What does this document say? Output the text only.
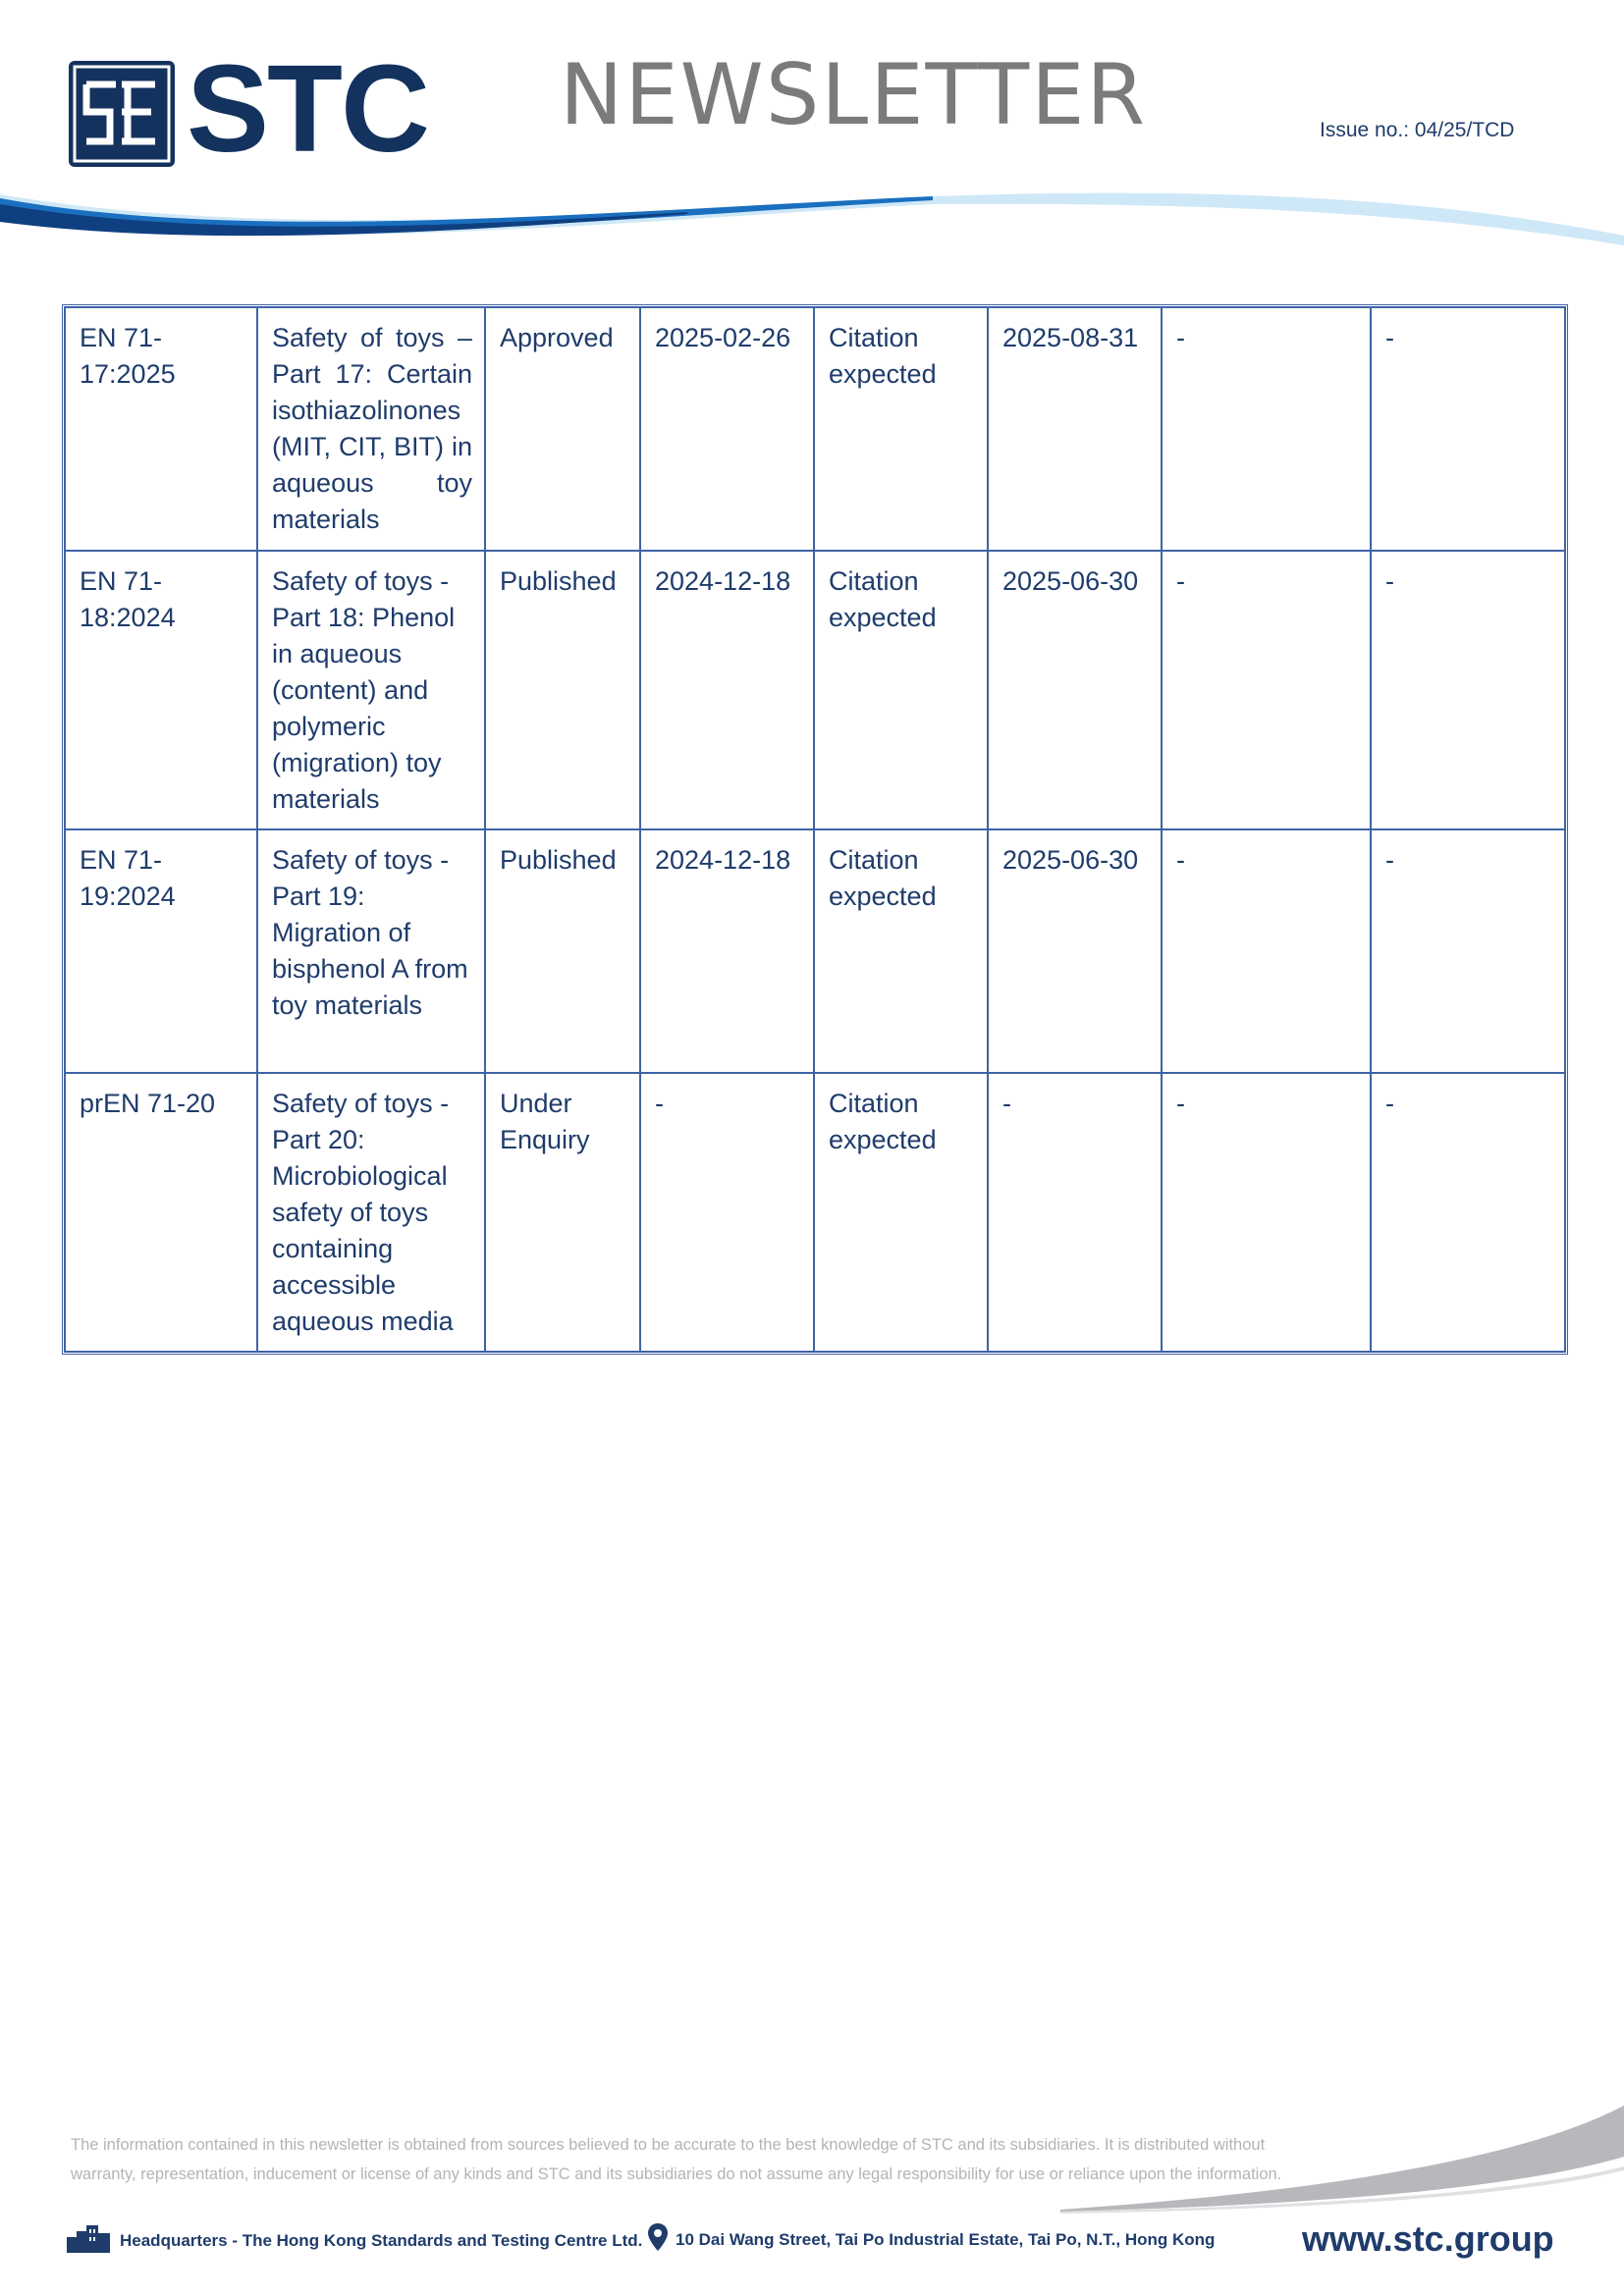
STC NEWSLETTER	Issue no.: 04/25/TCD
EN 71-17:2025	Safety of toys – Part 17: Certain isothiazolinones (MIT, CIT, BIT) in aqueous toy materials	Approved	2025-02-26	Citation expected	2025-08-31	-	-
EN 71-18:2024	Safety of toys - Part 18: Phenol in aqueous (content) and polymeric (migration) toy materials	Published	2024-12-18	Citation expected	2025-06-30	-	-
EN 71-19:2024	Safety of toys - Part 19: Migration of bisphenol A from toy materials	Published	2024-12-18	Citation expected	2025-06-30	-	-
prEN 71-20	Safety of toys - Part 20: Microbiological safety of toys containing accessible aqueous media	Under Enquiry	-	Citation expected	-	-	-
The information contained in this newsletter is obtained from sources believed to be accurate to the best knowledge of STC and its subsidiaries. It is distributed without warranty, representation, inducement or license of any kinds and STC and its subsidiaries do not assume any legal responsibility for use or reliance upon the information.
Headquarters - The Hong Kong Standards and Testing Centre Ltd. 10 Dai Wang Street, Tai Po Industrial Estate, Tai Po, N.T., Hong Kong www.stc.group
